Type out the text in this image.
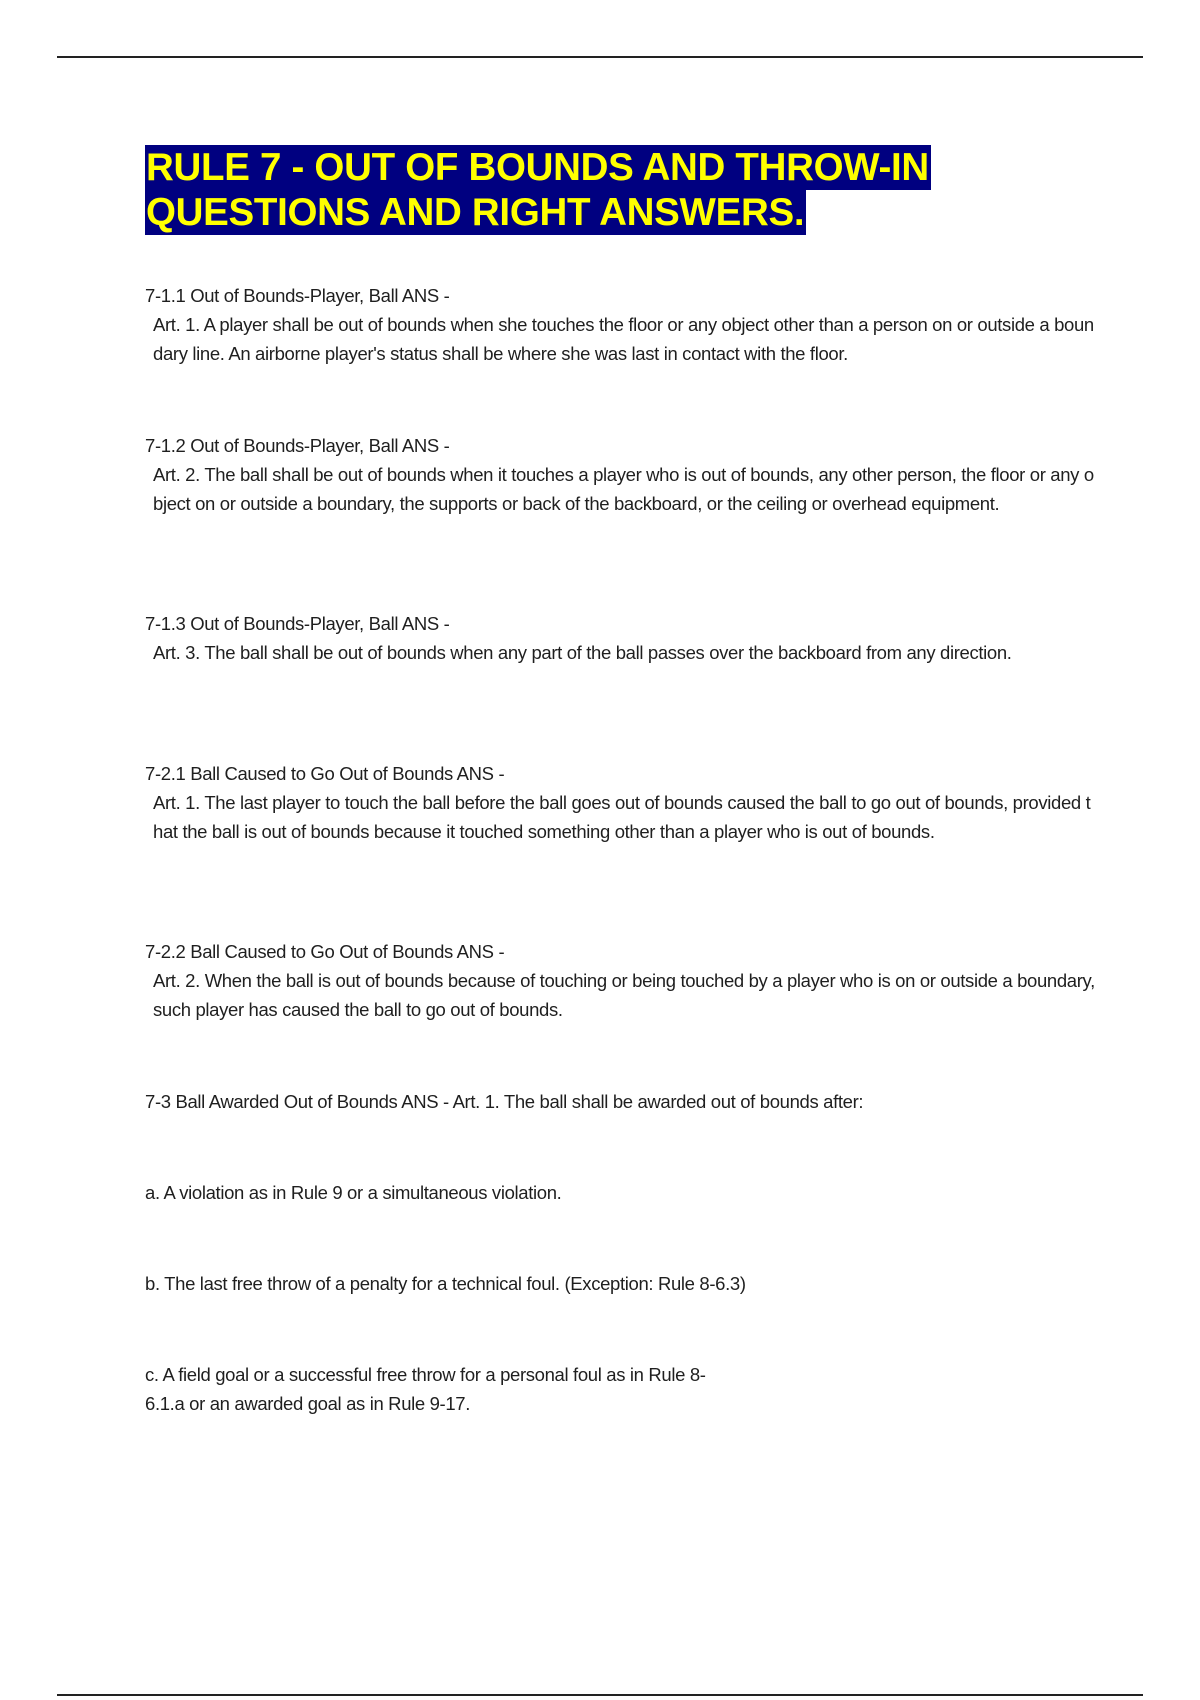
RULE 7 - OUT OF BOUNDS AND THROW-IN
QUESTIONS AND RIGHT ANSWERS.

7-1.1 Out of Bounds-Player, Ball ANS -

Art. 1. A player shall be out of bounds when she touches the floor or any object other than a person on or outside a boundary line. An airborne player's status shall be where she was last in contact with the floor.

7-1.2 Out of Bounds-Player, Ball ANS -

Art. 2. The ball shall be out of bounds when it touches a player who is out of bounds, any other person, the floor or any object on or outside a boundary, the supports or back of the backboard, or the ceiling or overhead equipment.

7-1.3 Out of Bounds-Player, Ball ANS -

Art. 3. The ball shall be out of bounds when any part of the ball passes over the backboard from any direction.

7-2.1 Ball Caused to Go Out of Bounds ANS -

Art. 1. The last player to touch the ball before the ball goes out of bounds caused the ball to go out of bounds, provided that the ball is out of bounds because it touched something other than a player who is out of bounds.

7-2.2 Ball Caused to Go Out of Bounds ANS -

Art. 2. When the ball is out of bounds because of touching or being touched by a player who is on or outside a boundary, such player has caused the ball to go out of bounds.

7-3 Ball Awarded Out of Bounds ANS - Art. 1. The ball shall be awarded out of bounds after:

a. A violation as in Rule 9 or a simultaneous violation.

b. The last free throw of a penalty for a technical foul. (Exception: Rule 8-6.3)

c. A field goal or a successful free throw for a personal foul as in Rule 8-

6.1.a or an awarded goal as in Rule 9-17.
